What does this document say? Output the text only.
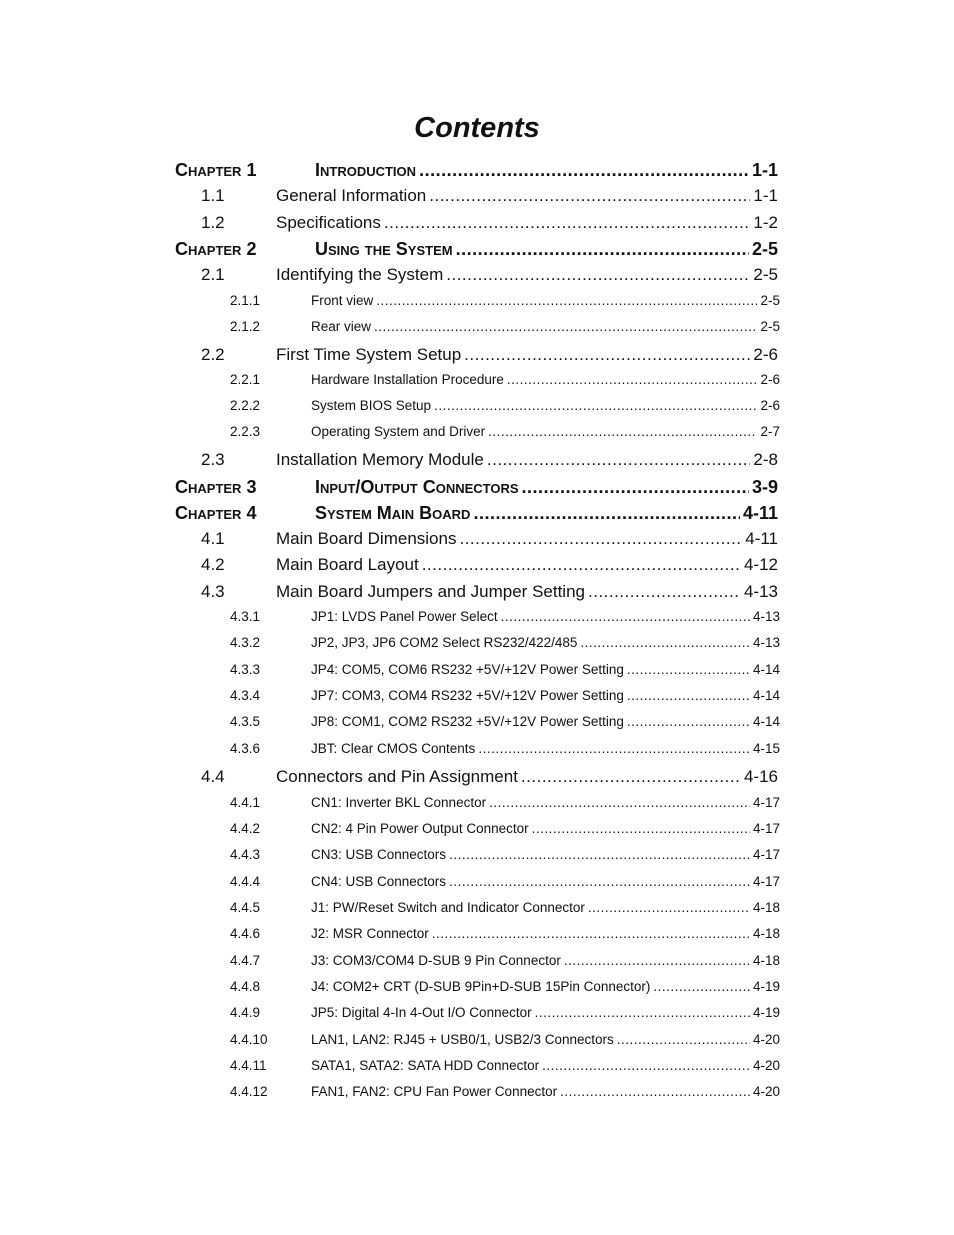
Contents
Chapter 1	Introduction .....	1-1
1.1	General Information .....	1-1
1.2	Specifications .....	1-2
Chapter 2	Using the System .....	2-5
2.1	Identifying the System .....	2-5
2.1.1	Front view .....	2-5
2.1.2	Rear view .....	2-5
2.2	First Time System Setup .....	2-6
2.2.1	Hardware Installation Procedure .....	2-6
2.2.2	System BIOS Setup .....	2-6
2.2.3	Operating System and Driver .....	2-7
2.3	Installation Memory Module .....	2-8
Chapter 3	Input/Output Connectors .....	3-9
Chapter 4	System Main Board .....	4-11
4.1	Main Board Dimensions .....	4-11
4.2	Main Board Layout .....	4-12
4.3	Main Board Jumpers and Jumper Setting .....	4-13
4.3.1	JP1: LVDS Panel Power Select .....	4-13
4.3.2	JP2, JP3, JP6 COM2 Select RS232/422/485 .....	4-13
4.3.3	JP4: COM5, COM6 RS232 +5V/+12V Power Setting .....	4-14
4.3.4	JP7: COM3, COM4 RS232 +5V/+12V Power Setting .....	4-14
4.3.5	JP8: COM1, COM2 RS232 +5V/+12V Power Setting .....	4-14
4.3.6	JBT: Clear CMOS Contents .....	4-15
4.4	Connectors and Pin Assignment .....	4-16
4.4.1	CN1: Inverter BKL Connector .....	4-17
4.4.2	CN2: 4 Pin Power Output Connector .....	4-17
4.4.3	CN3: USB Connectors .....	4-17
4.4.4	CN4: USB Connectors .....	4-17
4.4.5	J1: PW/Reset Switch and Indicator Connector .....	4-18
4.4.6	J2: MSR Connector .....	4-18
4.4.7	J3: COM3/COM4 D-SUB 9 Pin Connector .....	4-18
4.4.8	J4: COM2+ CRT (D-SUB 9Pin+D-SUB 15Pin Connector) .....	4-19
4.4.9	JP5: Digital 4-In 4-Out I/O Connector .....	4-19
4.4.10	LAN1, LAN2: RJ45 + USB0/1, USB2/3 Connectors .....	4-20
4.4.11	SATA1, SATA2: SATA HDD Connector .....	4-20
4.4.12	FAN1, FAN2: CPU Fan Power Connector .....	4-20
